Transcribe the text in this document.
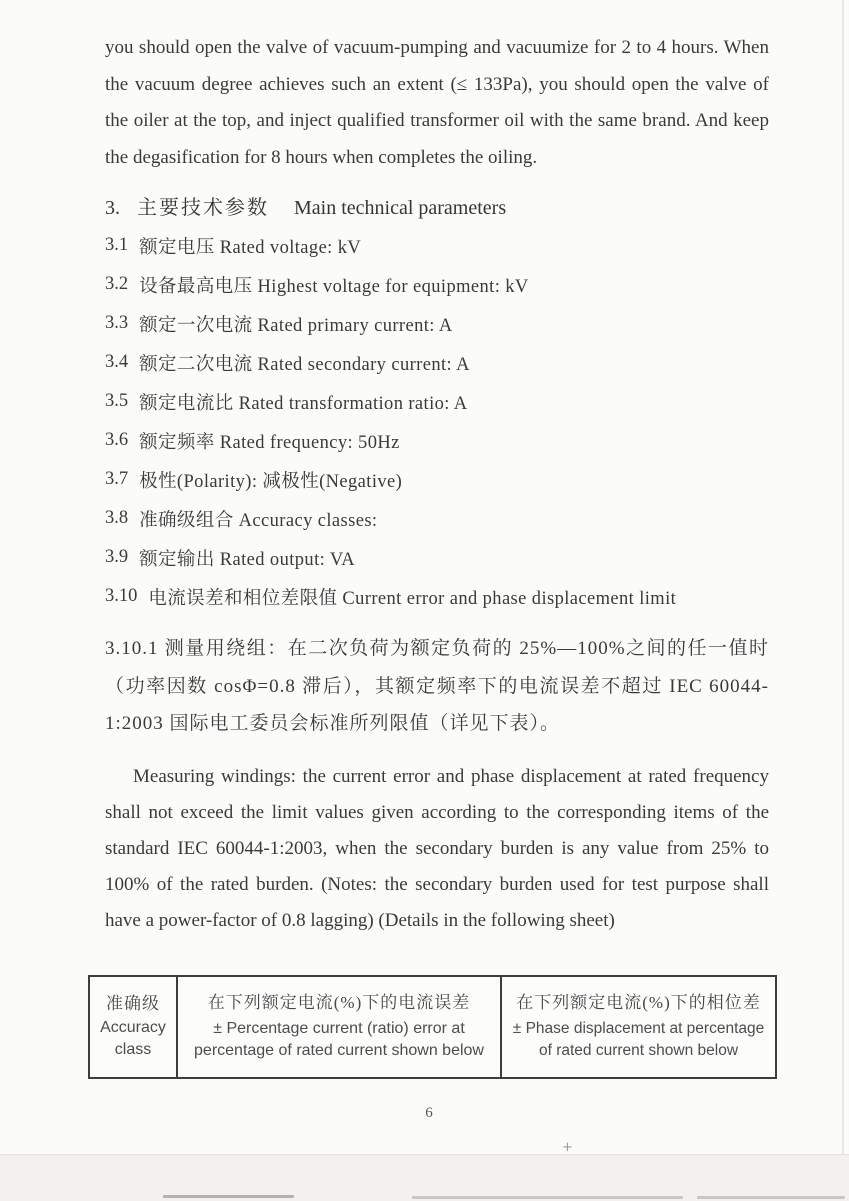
you should open the valve of vacuum-pumping and vacuumize for 2 to 4 hours. When the vacuum degree achieves such an extent (≤ 133Pa), you should open the valve of the oiler at the top, and inject qualified transformer oil with the same brand. And keep the degasification for 8 hours when completes the oiling.

3. 主要技术参数 Main technical parameters
3.1 额定电压 Rated voltage: kV
3.2 设备最高电压 Highest voltage for equipment: kV
3.3 额定一次电流 Rated primary current: A
3.4 额定二次电流 Rated secondary current: A
3.5 额定电流比 Rated transformation ratio: A
3.6 额定频率 Rated frequency: 50Hz
3.7 极性(Polarity): 减极性(Negative)
3.8 准确级组合 Accuracy classes:
3.9 额定输出 Rated output: VA
3.10 电流误差和相位差限值 Current error and phase displacement limit

3.10.1 测量用绕组：在二次负荷为额定负荷的 25%—100%之间的任一值时（功率因数 cosΦ=0.8 滞后），其额定频率下的电流误差不超过 IEC 60044-1:2003 国际电工委员会标准所列限值（详见下表）。

Measuring windings: the current error and phase displacement at rated frequency shall not exceed the limit values given according to the corresponding items of the standard IEC 60044-1:2003, when the secondary burden is any value from 25% to 100% of the rated burden. (Notes: the secondary burden used for test purpose shall have a power-factor of 0.8 lagging) (Details in the following sheet)

准确级
Accuracy
class

在下列额定电流(%)下的电流误差
± Percentage current (ratio) error at
percentage of rated current shown below

在下列额定电流(%)下的相位差
± Phase displacement at percentage
of rated current shown below
6
+
